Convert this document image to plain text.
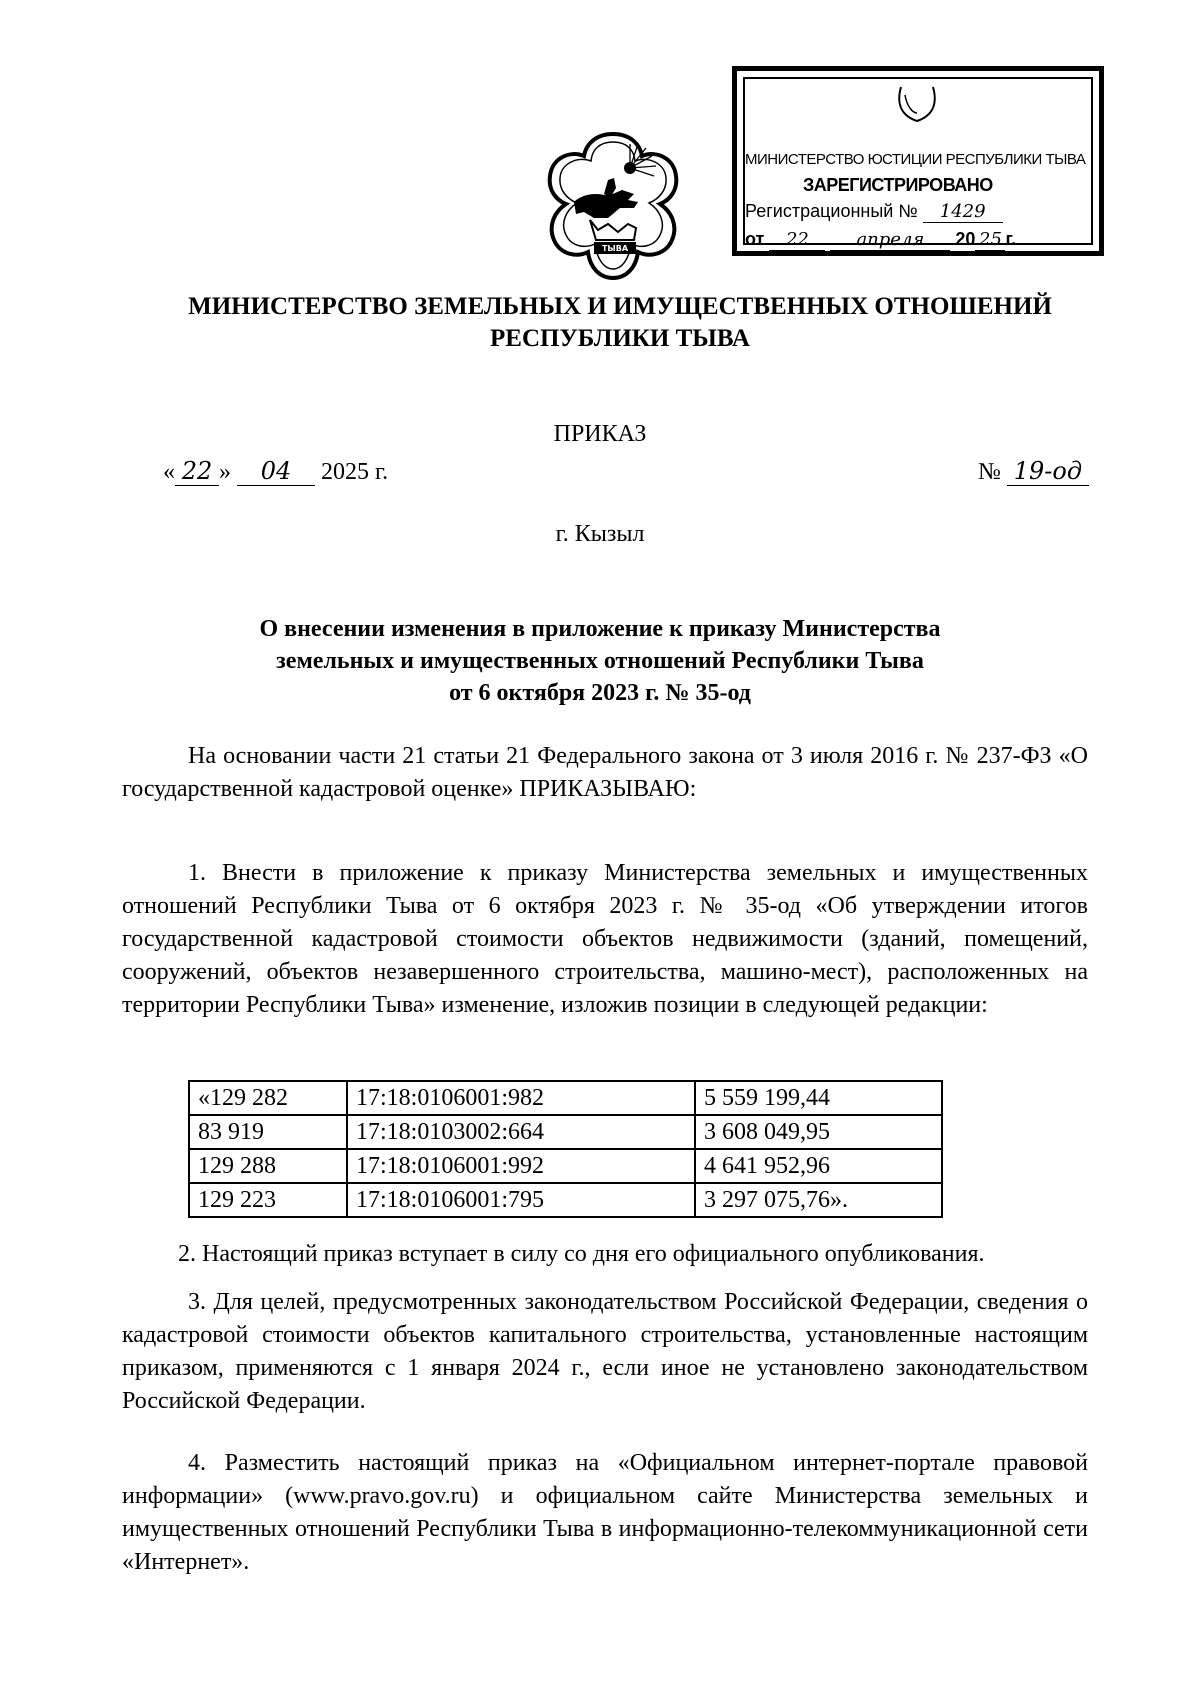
ТЫВА
МИНИСТЕРСТВО ЮСТИЦИИ РЕСПУБЛИКИ ТЫВА
ЗАРЕГИСТРИРОВАНО
Регистрационный № 1429
от 22	апреля 20 25 г.
МИНИСТЕРСТВО ЗЕМЕЛЬНЫХ И ИМУЩЕСТВЕННЫХ ОТНОШЕНИЙ
РЕСПУБЛИКИ ТЫВА
ПРИКАЗ
« 22 » 04 2025 г.	№ 19-од
г. Кызыл
О внесении изменения в приложение к приказу Министерства
земельных и имущественных отношений Республики Тыва
от 6 октября 2023 г. № 35-од

На основании части 21 статьи 21 Федерального закона от 3 июля 2016 г. № 237-ФЗ «О государственной кадастровой оценке» ПРИКАЗЫВАЮ:

1. Внести в приложение к приказу Министерства земельных и имущественных отношений Республики Тыва от 6 октября 2023 г. № 35-од «Об утверждении итогов государственной кадастровой стоимости объектов недвижимости (зданий, помещений, сооружений, объектов незавершенного строительства, машино-мест), расположенных на территории Республики Тыва» изменение, изложив позиции в следующей редакции:

«129 282	17:18:0106001:982	5 559 199,44
83 919	17:18:0103002:664	3 608 049,95
129 288	17:18:0106001:992	4 641 952,96
129 223	17:18:0106001:795	3 297 075,76».

2. Настоящий приказ вступает в силу со дня его официального опубликования.

3. Для целей, предусмотренных законодательством Российской Федерации, сведения о кадастровой стоимости объектов капитального строительства, установленные настоящим приказом, применяются с 1 января 2024 г., если иное не установлено законодательством Российской Федерации.

4. Разместить настоящий приказ на «Официальном интернет-портале правовой информации» (www.pravo.gov.ru) и официальном сайте Министерства земельных и имущественных отношений Республики Тыва в информационно-телекоммуникационной сети «Интернет».
